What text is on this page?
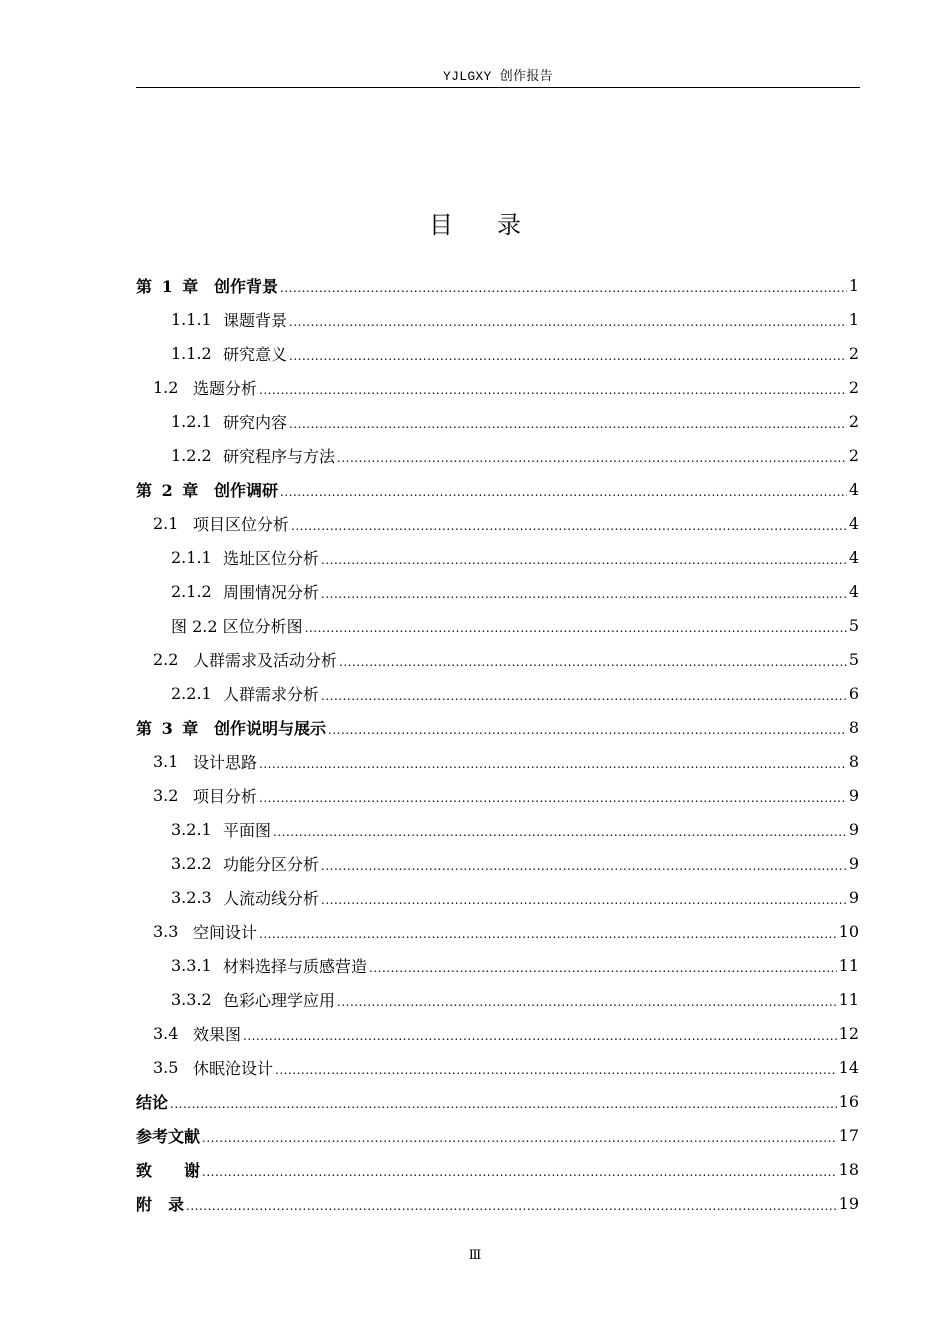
YJLGXY 创作报告
目 录
第 1 章 创作背景 .....	1
1.1.1 课题背景 .....	1
1.1.2 研究意义 .....	2
1.2 选题分析 .....	2
1.2.1 研究内容 .....	2
1.2.2 研究程序与方法 .....	2
第 2 章 创作调研 .....	4
2.1 项目区位分析 .....	4
2.1.1 选址区位分析 .....	4
2.1.2 周围情况分析 .....	4
图 2.2 区位分析图 .....	5
2.2 人群需求及活动分析 .....	5
2.2.1 人群需求分析 .....	6
第 3 章 创作说明与展示 .....	8
3.1 设计思路 .....	8
3.2 项目分析 .....	9
3.2.1 平面图 .....	9
3.2.2 功能分区分析 .....	9
3.2.3 人流动线分析 .....	9
3.3 空间设计 .....	10
3.3.1 材料选择与质感营造 .....	11
3.3.2 色彩心理学应用 .....	11
3.4 效果图 .....	12
3.5 休眠沧设计 .....	14
结论 .....	16
参考文献 .....	17
致　　谢 .....	18
附　录 .....	19
Ⅲ
